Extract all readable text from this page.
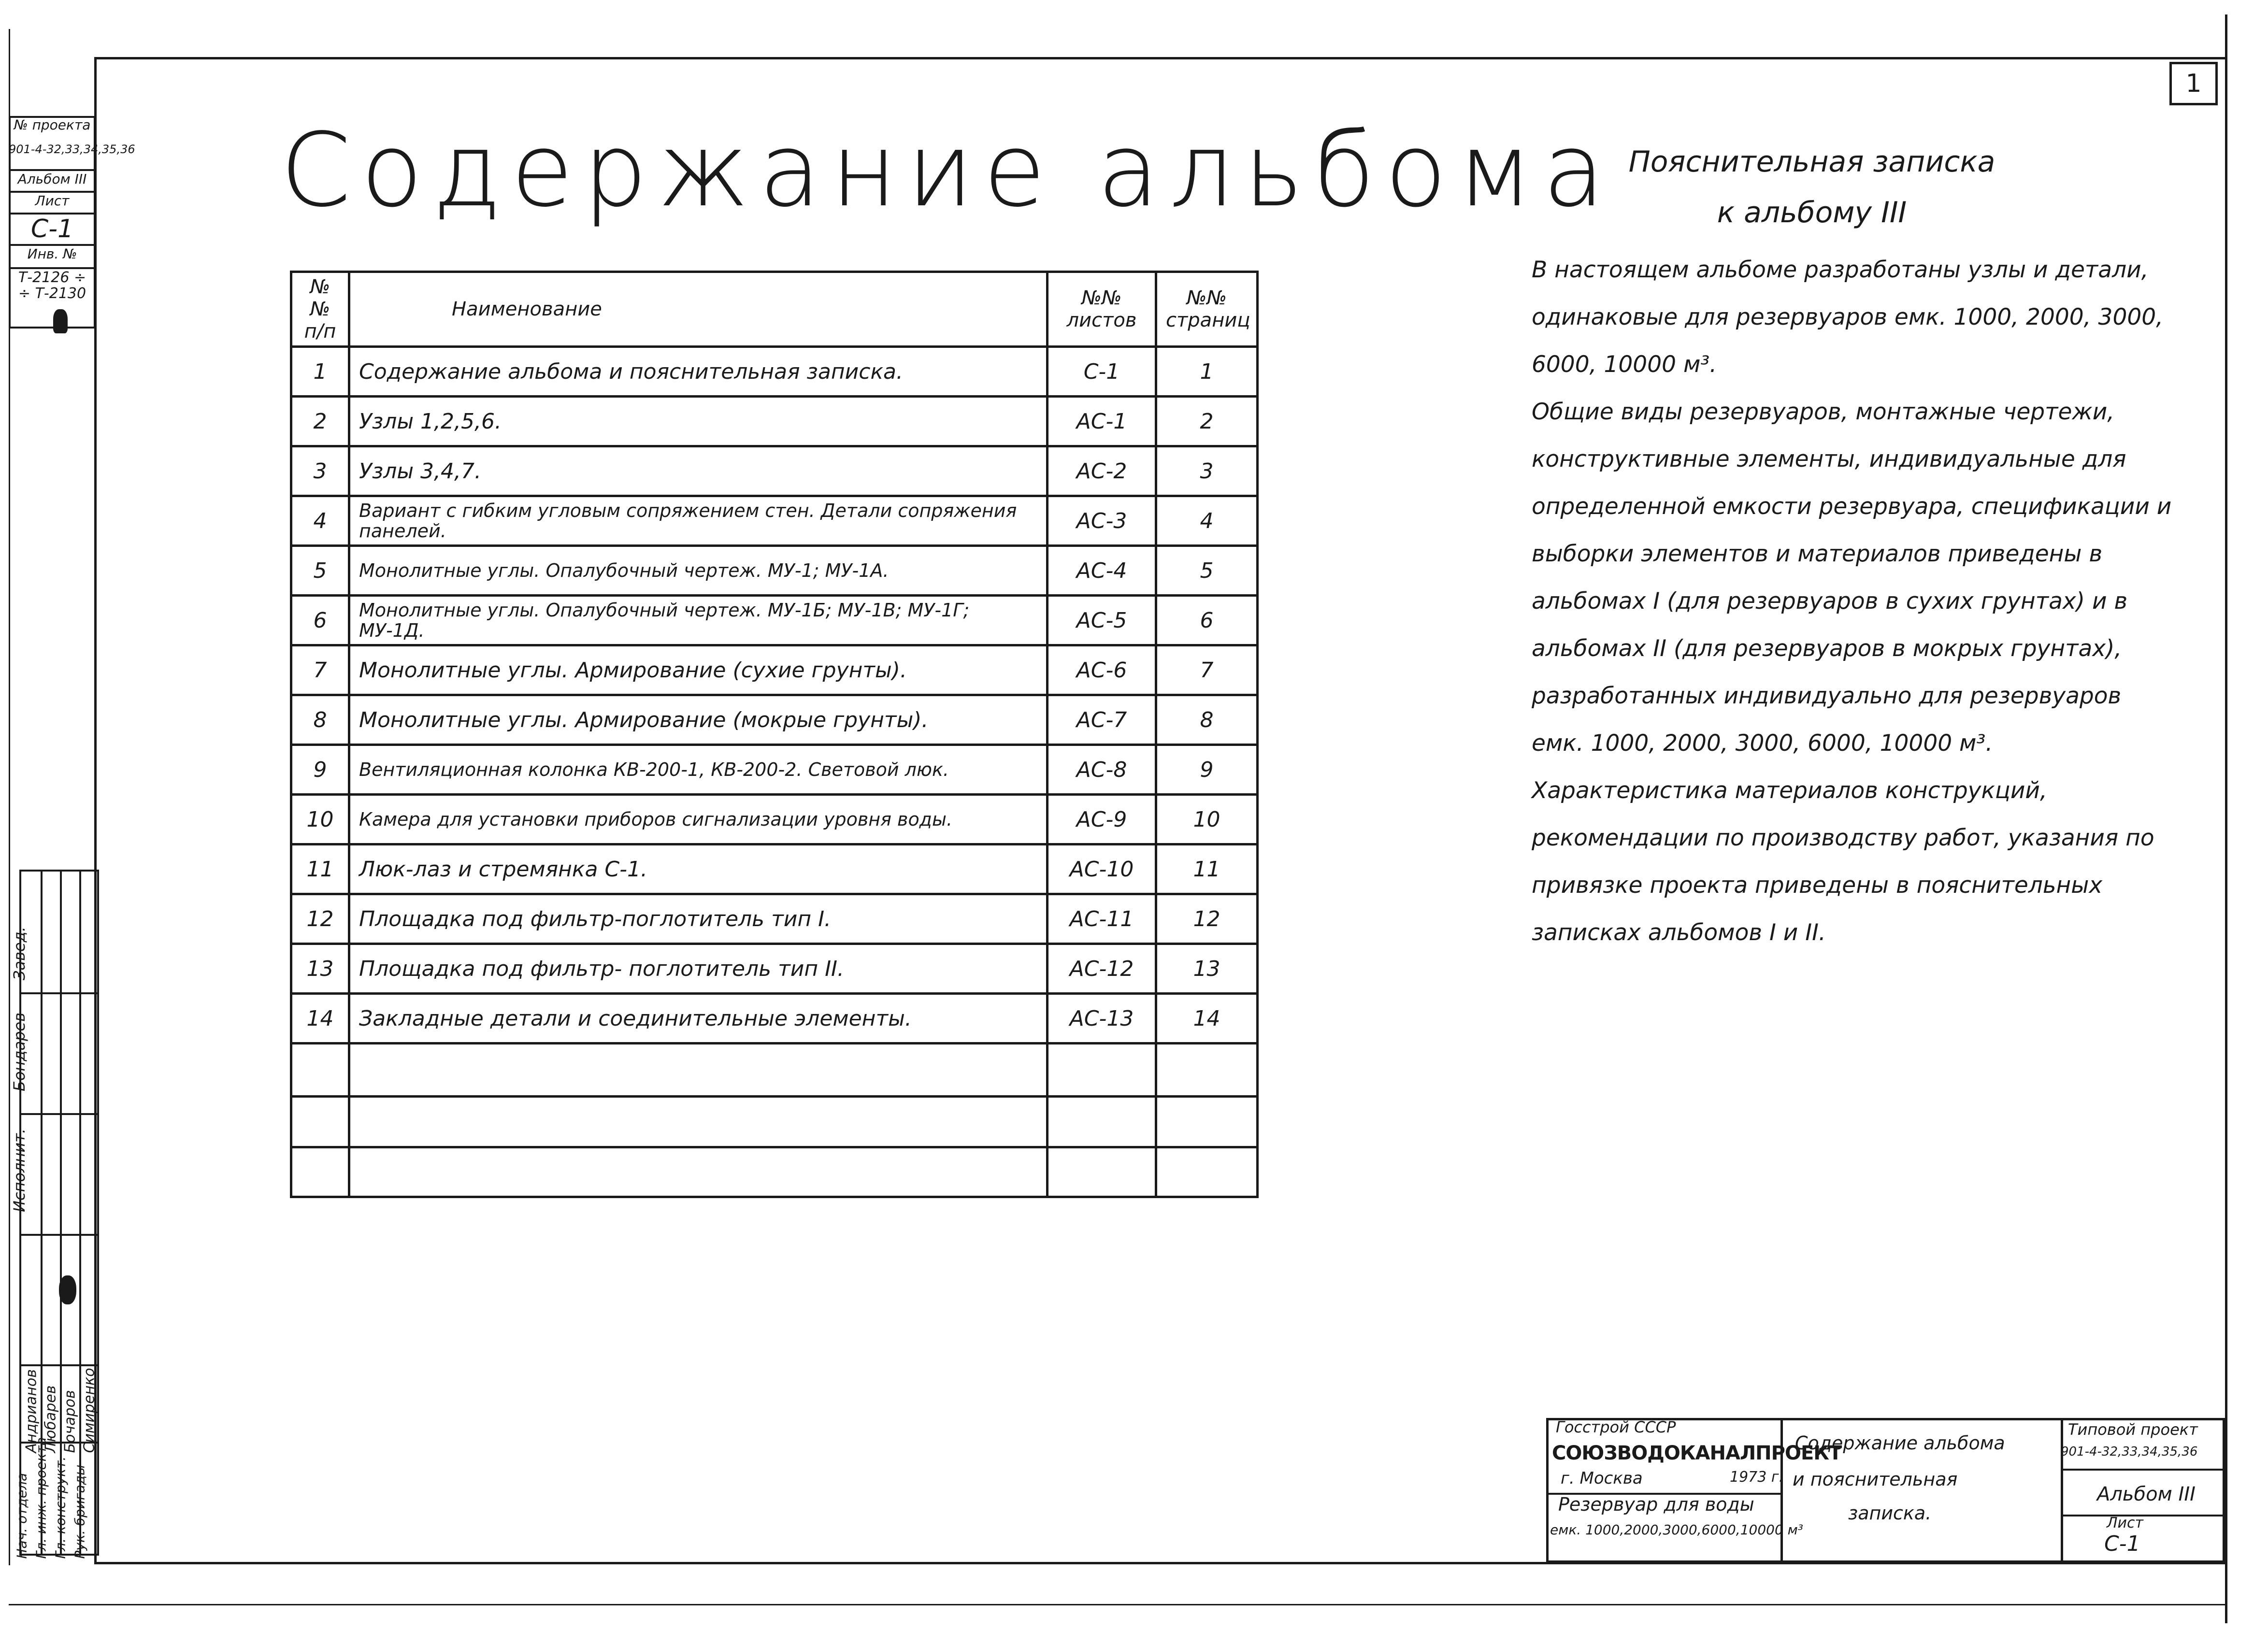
1
№ проекта
901-4-32,33,34,35,36
Альбом III
Лист
С-1
Инв. №
Т-2126 ÷
÷ Т-2130
Нач. отдела Гл. инж. проекта Гл. конструкт. Рук. бригады
Андрианов Любарев Бочаров Симиренко
Исполнит.
Бондарев
Завед.
Содержание альбома
№№ п/п	Наименование	№№ листов	№№ страниц
1	Содержание альбома и пояснительная записка.	С-1	1
2	Узлы 1,2,5,6.	АС-1	2
3	Узлы 3,4,7.	АС-2	3
4	Вариант с гибким угловым сопряжением стен. Детали сопряжения панелей.	АС-3	4
5	Монолитные углы. Опалубочный чертеж. МУ-1; МУ-1А.	АС-4	5
6	Монолитные углы. Опалубочный чертеж. МУ-1Б; МУ-1В; МУ-1Г; МУ-1Д.	АС-5	6
7	Монолитные углы. Армирование (сухие грунты).	АС-6	7
8	Монолитные углы. Армирование (мокрые грунты).	АС-7	8
9	Вентиляционная колонка КВ-200-1, КВ-200-2. Световой люк.	АС-8	9
10	Камера для установки приборов сигнализации уровня воды.	АС-9	10
11	Люк-лаз и стремянка С-1.	АС-10	11
12	Площадка под фильтр-поглотитель тип I.	АС-11	12
13	Площадка под фильтр- поглотитель тип II.	АС-12	13
14	Закладные детали и соединительные элементы.	АС-13	14

Пояснительная записка
к альбому III

В настоящем альбоме разработаны узлы и детали, одинаковые для резервуаров емк. 1000, 2000, 3000, 6000, 10000 м³.

Общие виды резервуаров, монтажные чертежи, конструктивные элементы, индивидуальные для определенной емкости резервуара, спецификации и выборки элементов и материалов приведены в альбомах I (для резервуаров в сухих грунтах) и в альбомах II (для резервуаров в мокрых грунтах), разработанных индивидуально для резервуаров емк. 1000, 2000, 3000, 6000, 10000 м³.

Характеристика материалов конструкций, рекомендации по производству работ, указания по привязке проекта приведены в пояснительных записках альбомов I и II.

Госстрой СССР
СОЮЗВОДОКАНАЛПРОЕКТ
г. Москва	1973 г.
Резервуар для воды
емк. 1000,2000,3000,6000,10000 м³
Содержание альбома
и пояснительная
записка.
Типовой проект
901-4-32,33,34,35,36
Альбом III
Лист
С-1
